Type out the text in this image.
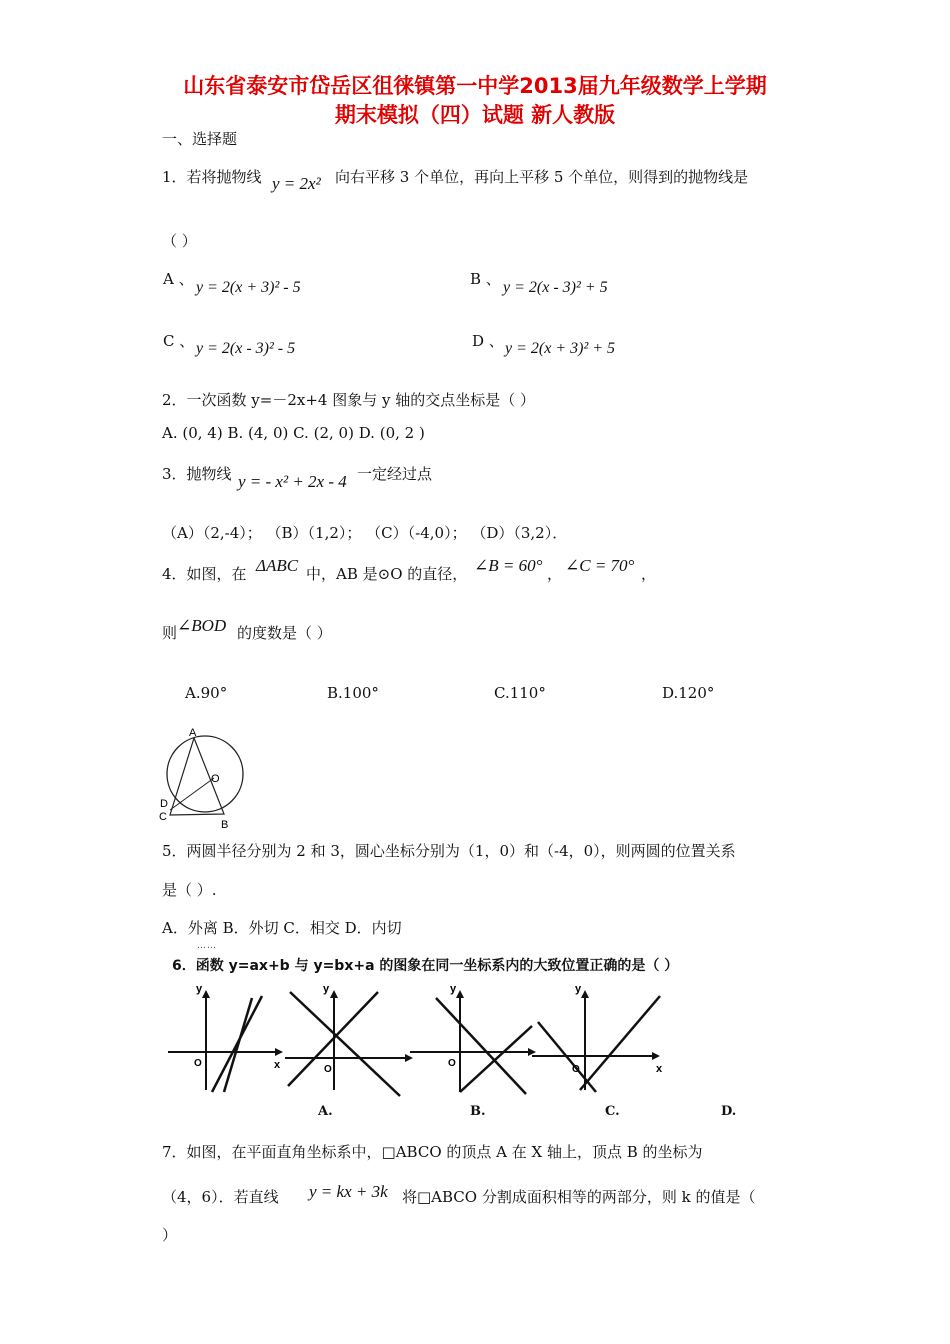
山东省泰安市岱岳区徂徕镇第一中学2013届九年级数学上学期
期末模拟（四）试题 新人教版
一、选择题
1．若将抛物线 y = 2x² 向右平移 3 个单位，再向上平移 5 个单位，则得到的抛物线是
（ ）
A 、 y = 2(x + 3)² - 5	B 、 y = 2(x - 3)² + 5
C 、 y = 2(x - 3)² - 5	D 、 y = 2(x + 3)² + 5
2．一次函数 y=－2x+4 图象与 y 轴的交点坐标是（ ）
A. (0, 4) B. (4, 0) C. (2, 0) D. (0, 2 )
3．抛物线 y = - x² + 2x - 4 一定经过点
（A）（2,-4）； （B）（1,2）； （C）（-4,0）； （D）（3,2）．
4．如图，在 ΔABC 中，AB 是⊙O 的直径， ∠B = 60° ， ∠C = 70° ，
则 ∠BOD 的度数是（ ）
A.90°	B.100°	C.110°	D.120°
A
O
D
C
B
5．两圆半径分别为 2 和 3，圆心坐标分别为（1，0）和（-4，0），则两圆的位置关系
是（ ）.
A．外离 B．外切 C．相交 D．内切
……
6．函数 y=ax+b 与 y=bx+a 的图象在同一坐标系内的大致位置正确的是（ ）
y
x
O
y
O
y
O
y
x
O
A.	B.	C.	D.
7．如图，在平面直角坐标系中，□ABCO 的顶点 A 在 X 轴上，顶点 B 的坐标为
（4，6）．若直线 y = kx + 3k 将□ABCO 分割成面积相等的两部分，则 k 的值是（
）
